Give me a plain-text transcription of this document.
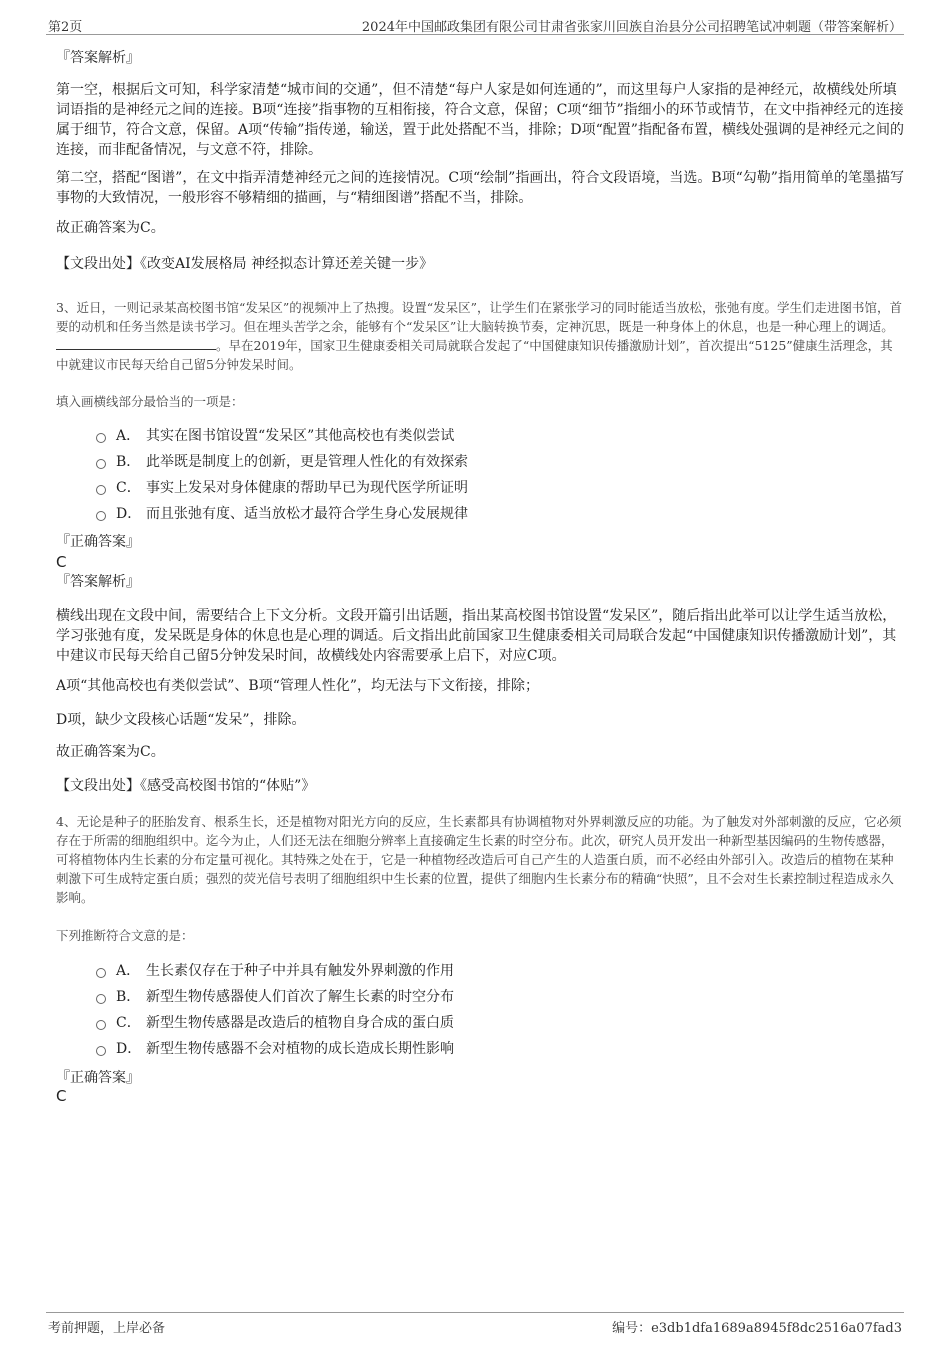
第2页	2024年中国邮政集团有限公司甘肃省张家川回族自治县分公司招聘笔试冲刺题（带答案解析）
『答案解析』
第一空，根据后文可知，科学家清楚“城市间的交通”，但不清楚“每户人家是如何连通的”，而这里每户人家指的是神经元，故横线处所填词语指的是神经元之间的连接。B项“连接”指事物的互相衔接，符合文意，保留；C项“细节”指细小的环节或情节，在文中指神经元的连接属于细节，符合文意，保留。A项“传输”指传递，输送，置于此处搭配不当，排除；D项“配置”指配备布置，横线处强调的是神经元之间的连接，而非配备情况，与文意不符，排除。
第二空，搭配“图谱”，在文中指弄清楚神经元之间的连接情况。C项“绘制”指画出，符合文段语境，当选。B项“勾勒”指用简单的笔墨描写事物的大致情况，一般形容不够精细的描画，与“精细图谱”搭配不当，排除。
故正确答案为C。
【文段出处】《改变AI发展格局 神经拟态计算还差关键一步》
3、近日，一则记录某高校图书馆“发呆区”的视频冲上了热搜。设置“发呆区”，让学生们在紧张学习的同时能适当放松，张弛有度。学生们走进图书馆，首要的动机和任务当然是读书学习。但在埋头苦学之余，能够有个“发呆区”让大脑转换节奏，定神沉思，既是一种身体上的休息，也是一种心理上的调适。 。早在2019年，国家卫生健康委相关司局就联合发起了“中国健康知识传播激励计划”，首次提出“5125”健康生活理念，其中就建议市民每天给自己留5分钟发呆时间。
填入画横线部分最恰当的一项是：
A． 其实在图书馆设置“发呆区”其他高校也有类似尝试
B． 此举既是制度上的创新，更是管理人性化的有效探索
C． 事实上发呆对身体健康的帮助早已为现代医学所证明
D． 而且张弛有度、适当放松才最符合学生身心发展规律
『正确答案』
C
『答案解析』
横线出现在文段中间，需要结合上下文分析。文段开篇引出话题，指出某高校图书馆设置“发呆区”，随后指出此举可以让学生适当放松，学习张弛有度，发呆既是身体的休息也是心理的调适。后文指出此前国家卫生健康委相关司局联合发起“中国健康知识传播激励计划”，其中建议市民每天给自己留5分钟发呆时间，故横线处内容需要承上启下，对应C项。
A项“其他高校也有类似尝试”、B项“管理人性化”，均无法与下文衔接，排除；
D项，缺少文段核心话题“发呆”，排除。
故正确答案为C。
【文段出处】《感受高校图书馆的“体贴”》
4、无论是种子的胚胎发育、根系生长，还是植物对阳光方向的反应，生长素都具有协调植物对外界刺激反应的功能。为了触发对外部刺激的反应，它必须存在于所需的细胞组织中。迄今为止，人们还无法在细胞分辨率上直接确定生长素的时空分布。此次，研究人员开发出一种新型基因编码的生物传感器，可将植物体内生长素的分布定量可视化。其特殊之处在于，它是一种植物经改造后可自己产生的人造蛋白质，而不必经由外部引入。改造后的植物在某种刺激下可生成特定蛋白质；强烈的荧光信号表明了细胞组织中生长素的位置，提供了细胞内生长素分布的精确“快照”，且不会对生长素控制过程造成永久影响。
下列推断符合文意的是：
A． 生长素仅存在于种子中并具有触发外界刺激的作用
B． 新型生物传感器使人们首次了解生长素的时空分布
C． 新型生物传感器是改造后的植物自身合成的蛋白质
D． 新型生物传感器不会对植物的成长造成长期性影响
『正确答案』
C
考前押题，上岸必备	编号：e3db1dfa1689a8945f8dc2516a07fad3
